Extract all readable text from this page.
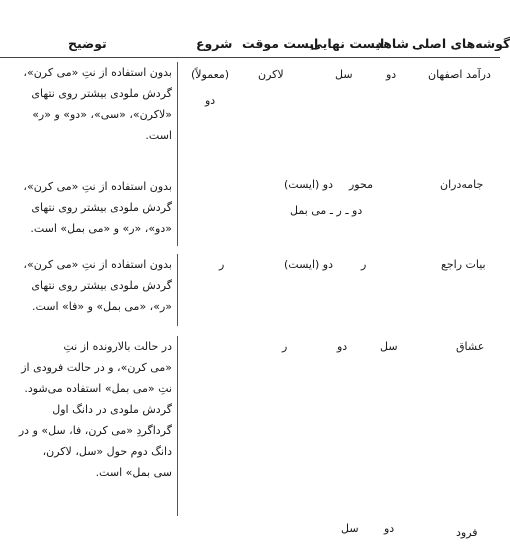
گوشه‌های اصلی
شاهد
ایست نهایی
ایست موقت
شروع
توضیح
درآمد اصفهان
دو
سل
لاکرن
(معمولاً)
دو

بدون استفاده از نتِ «می کرن»،

گردش ملودی بیشتر روی نتهای

«لاکرن»، «سی»، «دو» و «ر»

است.

جامه‌دران
محور
دو (ایست)
دو ـ ر ـ می بمل

بدون استفاده از نتِ «می کرن»،

گردش ملودی بیشتر روی نتهای

«دو»، «ر» و «می بمل» است.

بیات راجع
ر
دو (ایست)
ر

بدون استفاده از نتِ «می کرن»،

گردش ملودی بیشتر روی نتهای

«ر»، «می بمل» و «فا» است.

عشاق
سل
دو
ر

در حالت بالارونده از نتِ

«می کرن»، و در حالت فرودی از

نتِ «می بمل» استفاده می‌شود.

گردش ملودی در دانگ اول

گرداگردِ «می کرن، فا، سل» و در

دانگ دوم حول «سل، لاکرن،

سی بمل» است.

فرود
دو
سل
